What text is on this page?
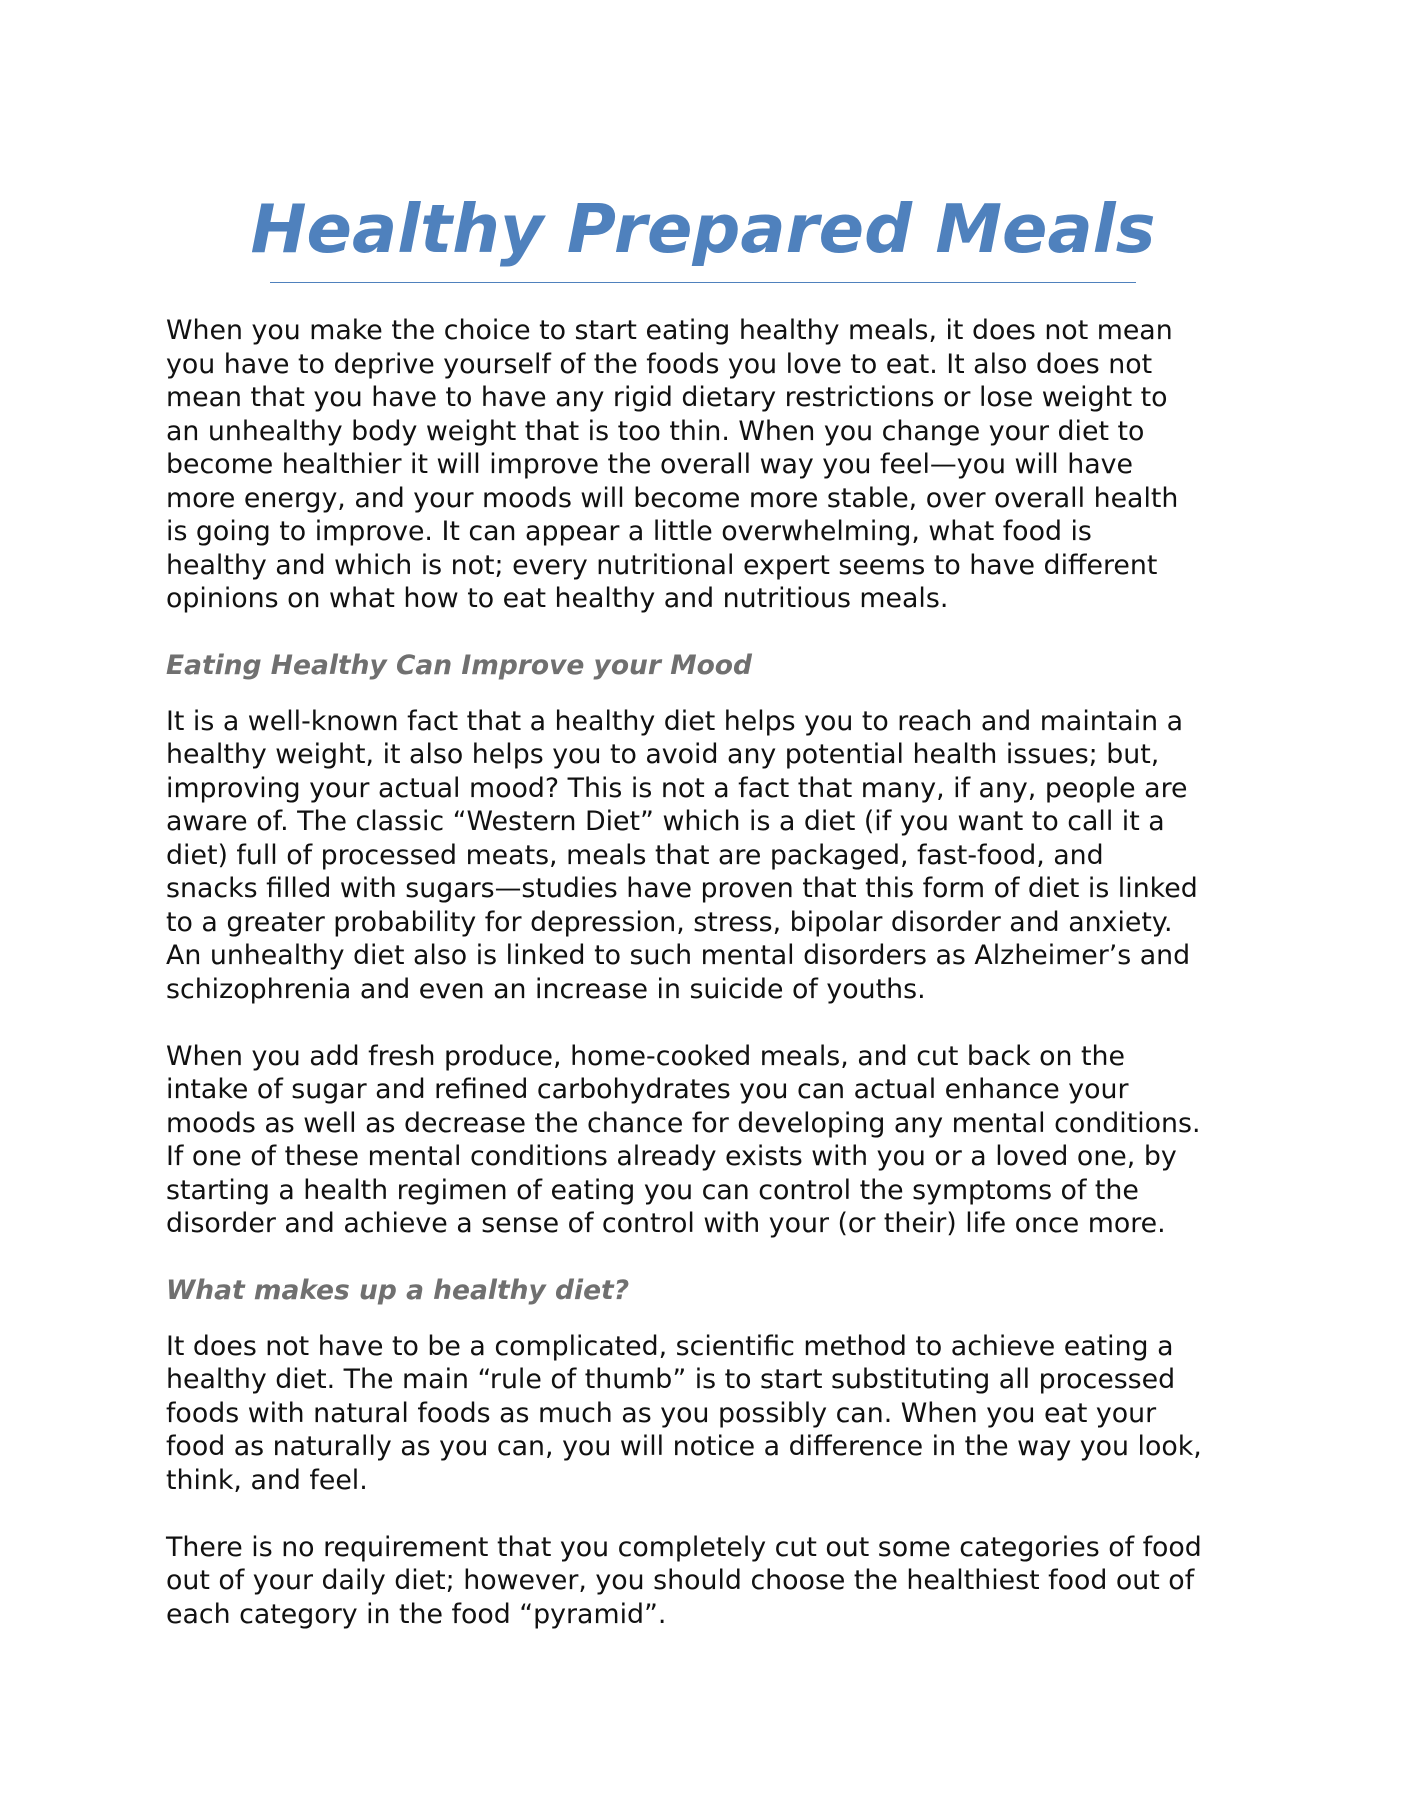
Healthy Prepared Meals

When you make the choice to start eating healthy meals, it does not mean

you have to deprive yourself of the foods you love to eat. It also does not

mean that you have to have any rigid dietary restrictions or lose weight to

an unhealthy body weight that is too thin. When you change your diet to

become healthier it will improve the overall way you feel—you will have

more energy, and your moods will become more stable, over overall health

is going to improve. It can appear a little overwhelming, what food is

healthy and which is not; every nutritional expert seems to have different

opinions on what how to eat healthy and nutritious meals.

Eating Healthy Can Improve your Mood

It is a well-known fact that a healthy diet helps you to reach and maintain a

healthy weight, it also helps you to avoid any potential health issues; but,

improving your actual mood? This is not a fact that many, if any, people are

aware of. The classic “Western Diet” which is a diet (if you want to call it a

diet) full of processed meats, meals that are packaged, fast-food, and

snacks filled with sugars—studies have proven that this form of diet is linked

to a greater probability for depression, stress, bipolar disorder and anxiety.

An unhealthy diet also is linked to such mental disorders as Alzheimer’s and

schizophrenia and even an increase in suicide of youths.

When you add fresh produce, home-cooked meals, and cut back on the

intake of sugar and refined carbohydrates you can actual enhance your

moods as well as decrease the chance for developing any mental conditions.

If one of these mental conditions already exists with you or a loved one, by

starting a health regimen of eating you can control the symptoms of the

disorder and achieve a sense of control with your (or their) life once more.

What makes up a healthy diet?

It does not have to be a complicated, scientific method to achieve eating a

healthy diet. The main “rule of thumb” is to start substituting all processed

foods with natural foods as much as you possibly can. When you eat your

food as naturally as you can, you will notice a difference in the way you look,

think, and feel.

There is no requirement that you completely cut out some categories of food

out of your daily diet; however, you should choose the healthiest food out of

each category in the food “pyramid”.
